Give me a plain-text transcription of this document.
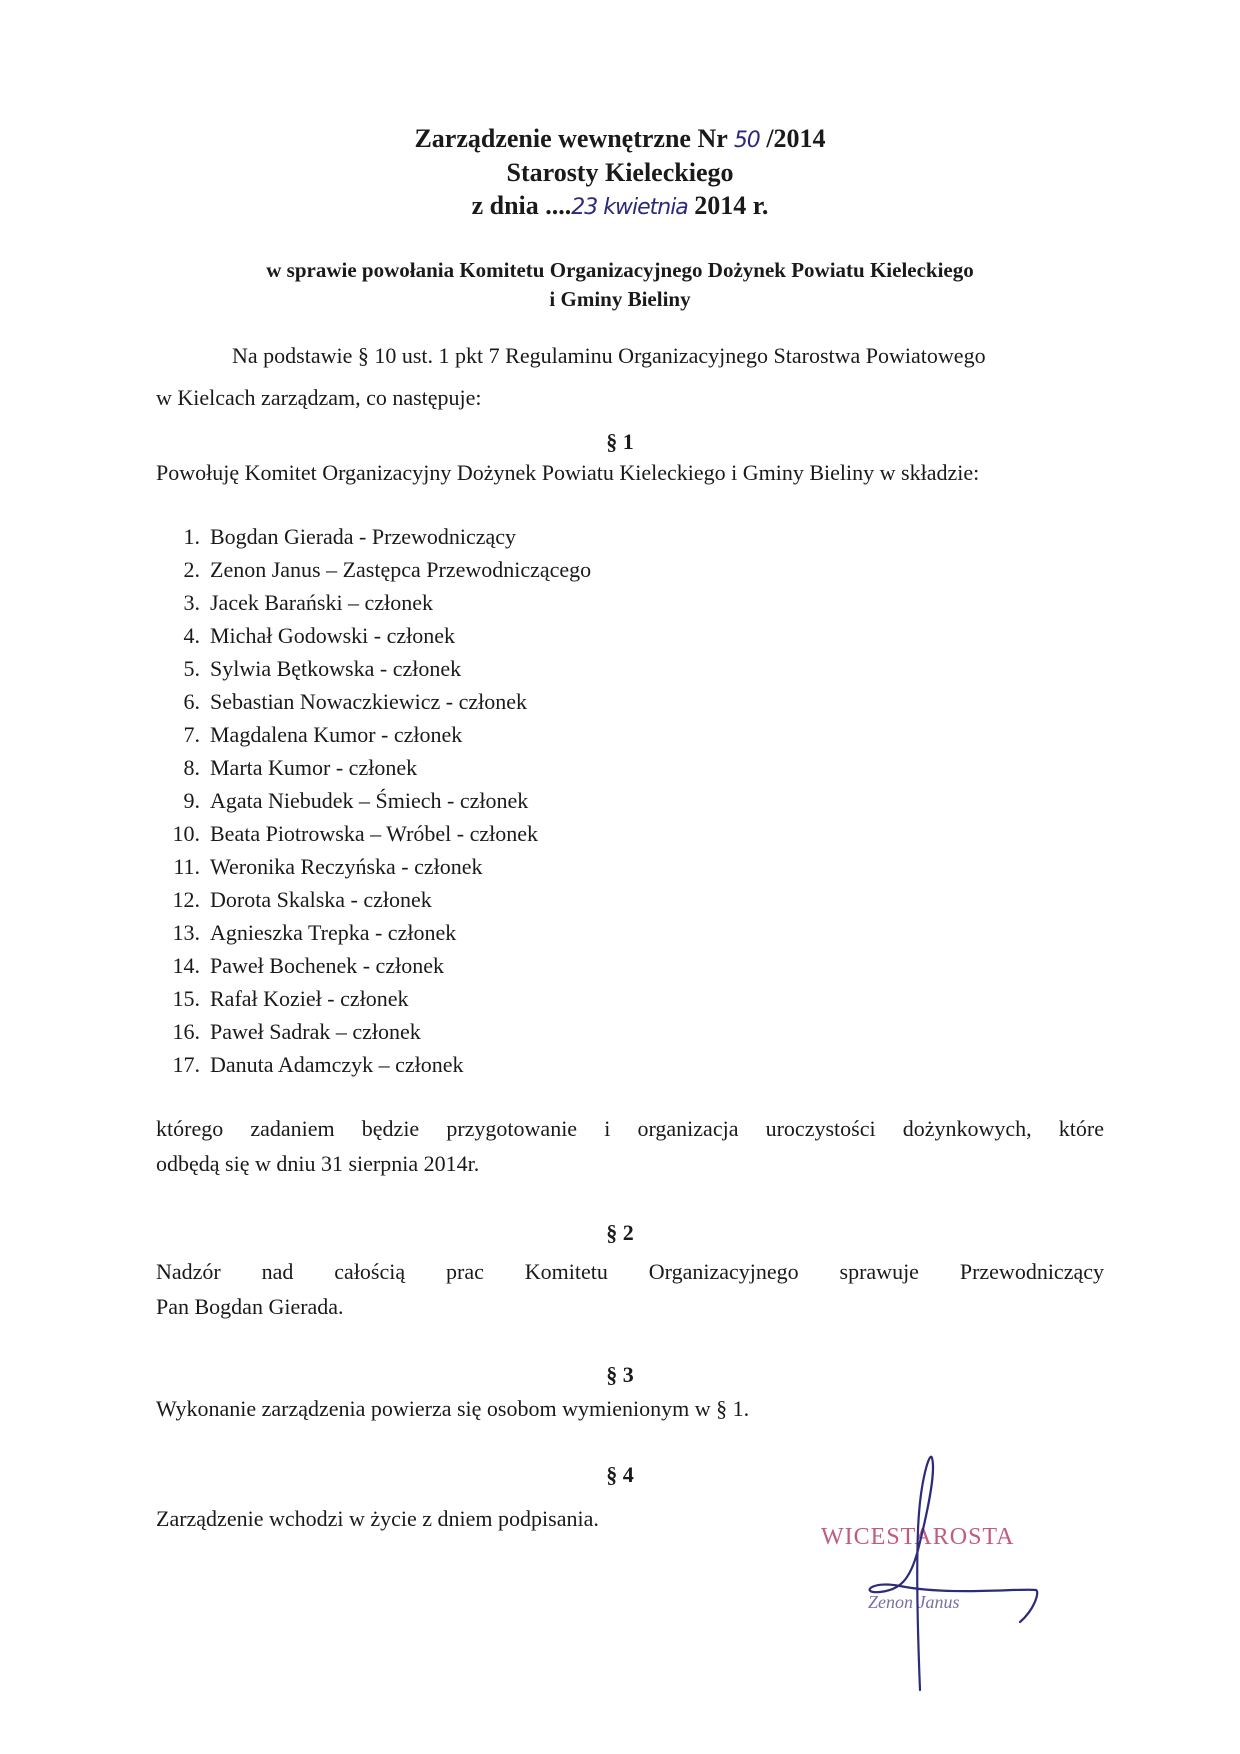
Zarządzenie wewnętrzne Nr 50 /2014
Starosty Kieleckiego
z dnia ....23 kwietnia 2014 r.
w sprawie powołania Komitetu Organizacyjnego Dożynek Powiatu Kieleckiego
i Gminy Bieliny
Na podstawie § 10 ust. 1 pkt 7 Regulaminu Organizacyjnego Starostwa Powiatowego
w Kielcach zarządzam, co następuje:
§ 1
Powołuję Komitet Organizacyjny Dożynek Powiatu Kieleckiego i Gminy Bieliny w składzie:
1. Bogdan Gierada - Przewodniczący
2. Zenon Janus – Zastępca Przewodniczącego
3. Jacek Barański – członek
4. Michał Godowski - członek
5. Sylwia Bętkowska - członek
6. Sebastian Nowaczkiewicz - członek
7. Magdalena Kumor - członek
8. Marta Kumor - członek
9. Agata Niebudek – Śmiech - członek
10. Beata Piotrowska – Wróbel - członek
11. Weronika Reczyńska - członek
12. Dorota Skalska - członek
13. Agnieszka Trepka - członek
14. Paweł Bochenek - członek
15. Rafał Kozieł - członek
16. Paweł Sadrak – członek
17. Danuta Adamczyk – członek
którego zadaniem będzie przygotowanie i organizacja uroczystości dożynkowych, które
odbędą się w dniu 31 sierpnia 2014r.
§ 2
Nadzór nad całością prac Komitetu Organizacyjnego sprawuje Przewodniczący
Pan Bogdan Gierada.
§ 3
Wykonanie zarządzenia powierza się osobom wymienionym w § 1.
§ 4
Zarządzenie wchodzi w życie z dniem podpisania.
WICESTAROSTA
Zenon Janus
